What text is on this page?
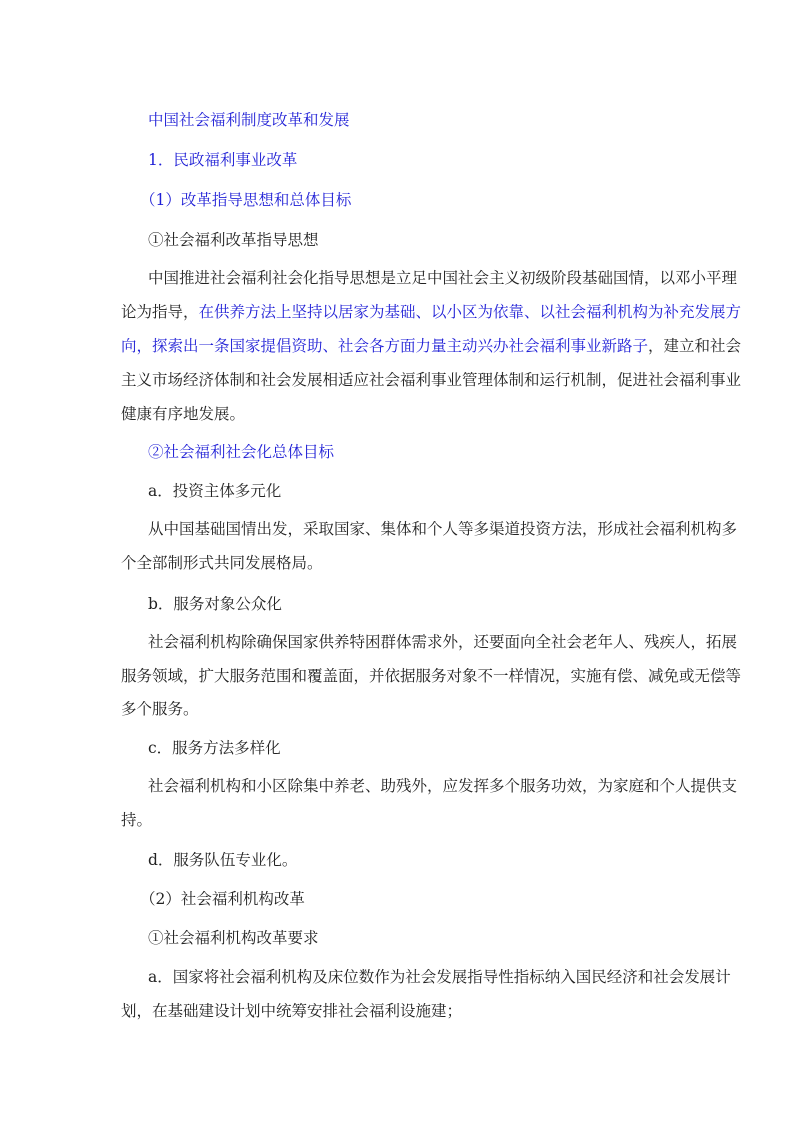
中国社会福利制度改革和发展
1．民政福利事业改革
（1）改革指导思想和总体目标
①社会福利改革指导思想
中国推进社会福利社会化指导思想是立足中国社会主义初级阶段基础国情，以邓小平理
论为指导，在供养方法上坚持以居家为基础、以小区为依靠、以社会福利机构为补充发展方
向，探索出一条国家提倡资助、社会各方面力量主动兴办社会福利事业新路子，建立和社会
主义市场经济体制和社会发展相适应社会福利事业管理体制和运行机制，促进社会福利事业
健康有序地发展。
②社会福利社会化总体目标
a．投资主体多元化
从中国基础国情出发，采取国家、集体和个人等多渠道投资方法，形成社会福利机构多
个全部制形式共同发展格局。
b．服务对象公众化
社会福利机构除确保国家供养特困群体需求外，还要面向全社会老年人、残疾人，拓展
服务领域，扩大服务范围和覆盖面，并依据服务对象不一样情况，实施有偿、减免或无偿等
多个服务。
c．服务方法多样化
社会福利机构和小区除集中养老、助残外，应发挥多个服务功效，为家庭和个人提供支
持。
d．服务队伍专业化。
（2）社会福利机构改革
①社会福利机构改革要求
a．国家将社会福利机构及床位数作为社会发展指导性指标纳入国民经济和社会发展计
划，在基础建设计划中统筹安排社会福利设施建；
